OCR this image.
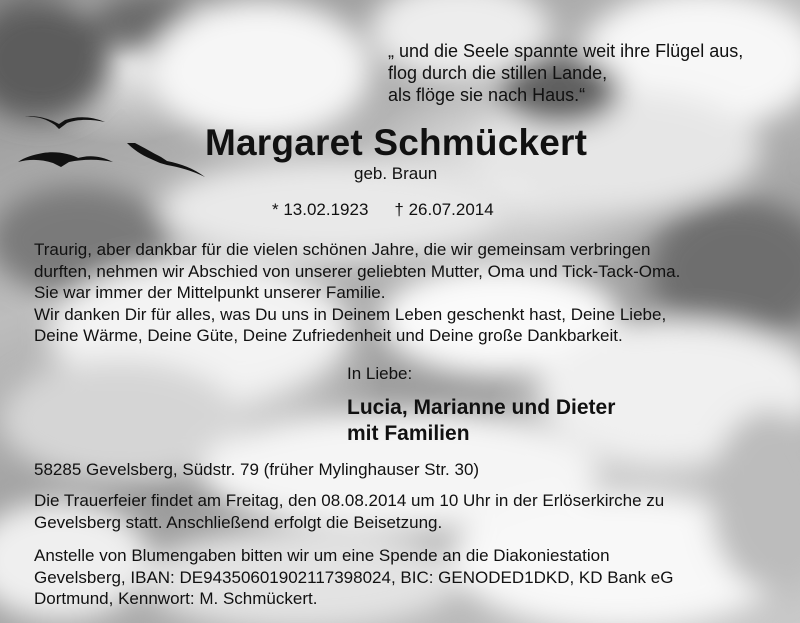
„ und die Seele spannte weit ihre Flügel aus,
flog durch die stillen Lande,
als flöge sie nach Haus.“
Margaret Schmückert
geb. Braun
* 13.02.1923 † 26.07.2014
Traurig, aber dankbar für die vielen schönen Jahre, die wir gemeinsam verbringen
durften, nehmen wir Abschied von unserer geliebten Mutter, Oma und Tick-Tack-Oma.
Sie war immer der Mittelpunkt unserer Familie.
Wir danken Dir für alles, was Du uns in Deinem Leben geschenkt hast, Deine Liebe,
Deine Wärme, Deine Güte, Deine Zufriedenheit und Deine große Dankbarkeit.
In Liebe:
Lucia, Marianne und Dieter
mit Familien
58285 Gevelsberg, Südstr. 79 (früher Mylinghauser Str. 30)
Die Trauerfeier findet am Freitag, den 08.08.2014 um 10 Uhr in der Erlöserkirche zu
Gevelsberg statt. Anschließend erfolgt die Beisetzung.
Anstelle von Blumengaben bitten wir um eine Spende an die Diakoniestation
Gevelsberg, IBAN: DE94350601902117398024, BIC: GENODED1DKD, KD Bank eG
Dortmund, Kennwort: M. Schmückert.
